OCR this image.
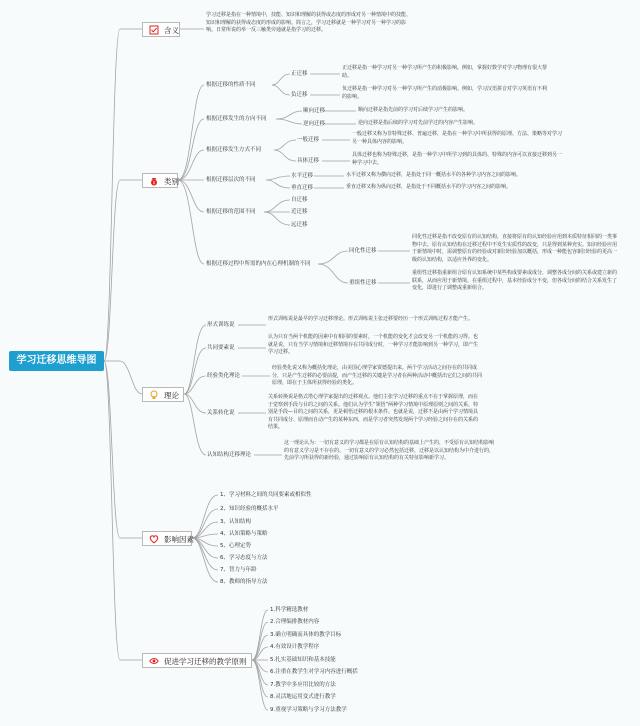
学习迁移思维导图
含义
$ 类别
理论
影响因素
促进学习迁移的教学原则
学习迁移是指在一种情境中，技能、知识和理解的获得或态度的形成对另一种情境中的技能、知识和理解的获得或态度的形成的影响。简言之，学习迁移就是一种学习对另一种学习的影响。日常所说的举一反三触类旁通就是指学习的迁移。
根据迁移的性质不同
正迁移
正迁移是指一种学习对另一种学习所产生的积极影响。例如，掌握好数学对学习物理有很大帮助。
负迁移
负迁移是指一种学习对另一种学习所产生的消极影响。例如，学习汉语拼音对学习英语有不利的影响。
根据迁移发生的方向不同
顺向迁移	顺向迁移是指先前的学习对后续学习产生的影响。
逆向迁移	逆向迁移是指后续的学习对先前学过的内容产生影响。
根据迁移发生方式不同
一般迁移
一般迁移又称为非特殊迁移、普遍迁移，是指在一种学习中所获得的原理、方法、策略等对学习另一种具体内容的影响。
具体迁移
具体迁移也称为特殊迁移，是指一种学习中所学习到的具体的、特殊的内容可以直接迁移到另一种学习中去。
根据迁移层次的不同
水平迁移	水平迁移又称为横向迁移，是指处于同一概括水平的各种学习内容之间的影响。
垂直迁移	垂直迁移又称为纵向迁移，是指处于不同概括水平的学习内容之间的影响。
根据迁移的范围不同
自迁移
近迁移
远迁移
根据迁移过程中所需的内在心理机制的不同
同化性迁移
同化性迁移是指不改变原有的认知结构，直接将原有的认知经验应用到本质特征相同的一类事物中去。原有认知结构在迁移过程中不发生实质性的改变，只是得到某种充实。知识经验应用于新情境中时，需调整原有的经验或对新旧经验加以概括，形成一种能包容新旧经验的更高一级的认知结构，以适应外界的变化。
重组性迁移
重组性迁移指重新组合原有认知系统中某些构成要素或成分，调整各成分间的关系或建立新的联系，从而应用于新情境。在重组过程中，基本经验成分不变，但各成分间的结合关系发生了变化，即进行了调整或重新组合。
形式训练说
形式训练说是最早的学习迁移理论。形式训练说主张迁移要经历一个形式训练过程才能产生。
共同要素说
认为只有当两个机能的因素中有相同的要素时，一个机能的变化才会改变另一个机能的习得。也就是说，只有当学习情境和迁移情境存在共同成分时，一种学习才能影响到另一种学习，即产生学习迁移。
经验类化理论
经验类化说又称为概括化理论，由美国心理学家贾德提出来。两个学习活动之间存在的共同成分，只是产生迁移的必要前提，而产生迁移的关键是学习者在两种活动中概括出它们之间的共同原理，即在于主体所获得经验的类化。
关系转化说
关系转换说是格式塔心理学家提出的迁移观点。他们主张学习迁移的重点不在于掌握原理，而在于觉察到手段与目的之间的关系。他们认为学生“领悟”两种学习情境中原理原则之间的关系，特别是手段—目的之间的关系，更是顿悟迁移的根本条件。也就是说，迁移不是由两个学习情境具有共同成分、原理而自动产生的某种东西，而是学习者突然发现两个学习经验之间存在的关系的结果。
认知结构迁移理论
这一理论认为：一切有意义的学习都是在原有认知结构的基础上产生的，不受原有认知结构影响的有意义学习是不存在的。一切有意义的学习必然包括迁移，迁移是以认知结构为中介进行的，先前学习所获得的新经验，通过影响原有认知结构的有关特征影响新学习。
1、学习材料之间的共同要素或相似性
2、知识经验的概括水平
3、认知结构
4、认知策略与策略
5、心理定势
6、学习态度与方法
7、智力与年龄
8、教师的指导方法
1.科学精选教材
2.合理编排教材内容
3.确立明确而具体的教学目标
4.有效设计教学程序
5.扎实基础知识和基本技能
6.注重在教学生对学习内容进行概括
7.教学中多应用比较的方法
8.灵活地运用变式进行教学
9.重视学习策略与学习方法教学
